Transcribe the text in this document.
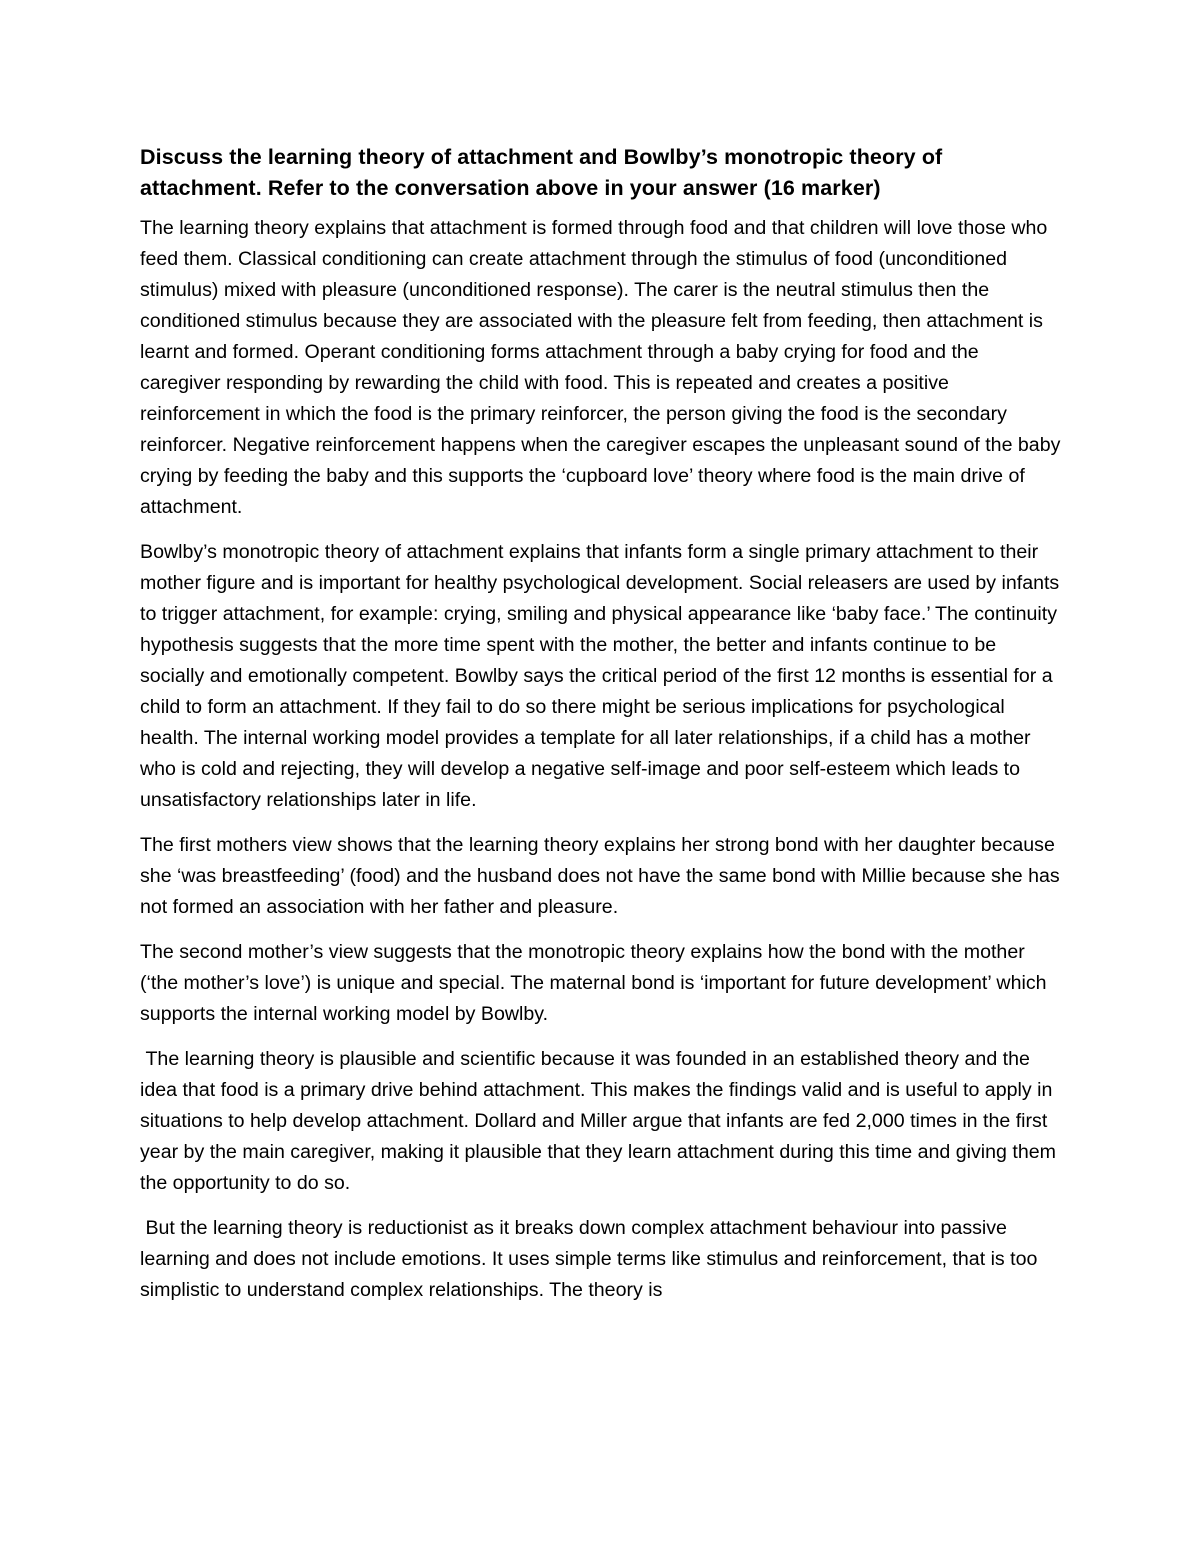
Discuss the learning theory of attachment and Bowlby’s monotropic theory of attachment. Refer to the conversation above in your answer (16 marker)

The learning theory explains that attachment is formed through food and that children will love those who feed them. Classical conditioning can create attachment through the stimulus of food (unconditioned stimulus) mixed with pleasure (unconditioned response). The carer is the neutral stimulus then the conditioned stimulus because they are associated with the pleasure felt from feeding, then attachment is learnt and formed. Operant conditioning forms attachment through a baby crying for food and the caregiver responding by rewarding the child with food. This is repeated and creates a positive reinforcement in which the food is the primary reinforcer, the person giving the food is the secondary reinforcer. Negative reinforcement happens when the caregiver escapes the unpleasant sound of the baby crying by feeding the baby and this supports the ‘cupboard love’ theory where food is the main drive of attachment.

Bowlby’s monotropic theory of attachment explains that infants form a single primary attachment to their mother figure and is important for healthy psychological development. Social releasers are used by infants to trigger attachment, for example: crying, smiling and physical appearance like ‘baby face.’ The continuity hypothesis suggests that the more time spent with the mother, the better and infants continue to be socially and emotionally competent. Bowlby says the critical period of the first 12 months is essential for a child to form an attachment. If they fail to do so there might be serious implications for psychological health. The internal working model provides a template for all later relationships, if a child has a mother who is cold and rejecting, they will develop a negative self-image and poor self-esteem which leads to unsatisfactory relationships later in life.

The first mothers view shows that the learning theory explains her strong bond with her daughter because she ‘was breastfeeding’ (food) and the husband does not have the same bond with Millie because she has not formed an association with her father and pleasure.

The second mother’s view suggests that the monotropic theory explains how the bond with the mother (‘the mother’s love’) is unique and special. The maternal bond is ‘important for future development’ which supports the internal working model by Bowlby.

The learning theory is plausible and scientific because it was founded in an established theory and the idea that food is a primary drive behind attachment. This makes the findings valid and is useful to apply in situations to help develop attachment. Dollard and Miller argue that infants are fed 2,000 times in the first year by the main caregiver, making it plausible that they learn attachment during this time and giving them the opportunity to do so.

But the learning theory is reductionist as it breaks down complex attachment behaviour into passive learning and does not include emotions. It uses simple terms like stimulus and reinforcement, that is too simplistic to understand complex relationships. The theory is
